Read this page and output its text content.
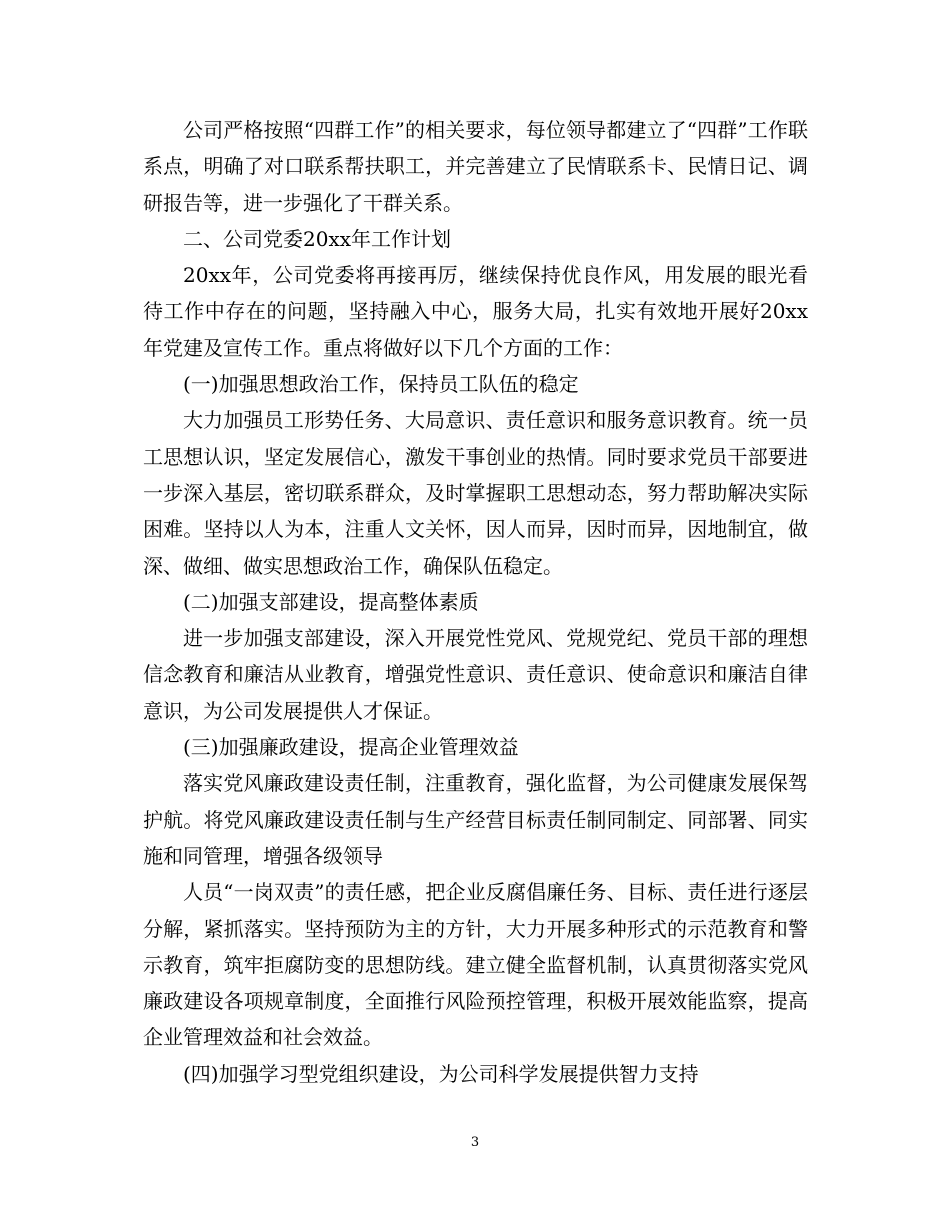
公司严格按照“四群工作”的相关要求，每位领导都建立了“四群”工作联系点，明确了对口联系帮扶职工，并完善建立了民情联系卡、民情日记、调研报告等，进一步强化了干群关系。

二、公司党委20xx年工作计划

20xx年，公司党委将再接再厉，继续保持优良作风，用发展的眼光看待工作中存在的问题，坚持融入中心，服务大局，扎实有效地开展好20xx年党建及宣传工作。重点将做好以下几个方面的工作：

(一)加强思想政治工作，保持员工队伍的稳定

大力加强员工形势任务、大局意识、责任意识和服务意识教育。统一员工思想认识，坚定发展信心，激发干事创业的热情。同时要求党员干部要进一步深入基层，密切联系群众，及时掌握职工思想动态，努力帮助解决实际困难。坚持以人为本，注重人文关怀，因人而异，因时而异，因地制宜，做深、做细、做实思想政治工作，确保队伍稳定。

(二)加强支部建设，提高整体素质

进一步加强支部建设，深入开展党性党风、党规党纪、党员干部的理想信念教育和廉洁从业教育，增强党性意识、责任意识、使命意识和廉洁自律意识，为公司发展提供人才保证。

(三)加强廉政建设，提高企业管理效益

落实党风廉政建设责任制，注重教育，强化监督，为公司健康发展保驾护航。将党风廉政建设责任制与生产经营目标责任制同制定、同部署、同实施和同管理，增强各级领导

人员“一岗双责”的责任感，把企业反腐倡廉任务、目标、责任进行逐层分解，紧抓落实。坚持预防为主的方针，大力开展多种形式的示范教育和警示教育，筑牢拒腐防变的思想防线。建立健全监督机制，认真贯彻落实党风廉政建设各项规章制度，全面推行风险预控管理，积极开展效能监察，提高企业管理效益和社会效益。

(四)加强学习型党组织建设，为公司科学发展提供智力支持

3
